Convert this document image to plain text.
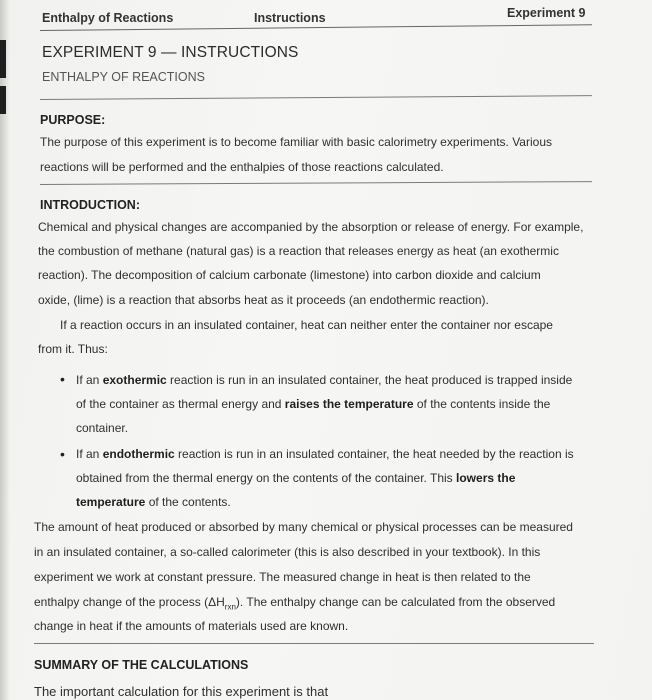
Enthalpy of Reactions	Instructions	Experiment 9
EXPERIMENT 9 — INSTRUCTIONS
ENTHALPY OF REACTIONS
PURPOSE:
The purpose of this experiment is to become familiar with basic calorimetry experiments. Various
reactions will be performed and the enthalpies of those reactions calculated.
INTRODUCTION:
Chemical and physical changes are accompanied by the absorption or release of energy. For example,
the combustion of methane (natural gas) is a reaction that releases energy as heat (an exothermic
reaction). The decomposition of calcium carbonate (limestone) into carbon dioxide and calcium
oxide, (lime) is a reaction that absorbs heat as it proceeds (an endothermic reaction).
If a reaction occurs in an insulated container, heat can neither enter the container nor escape
from it. Thus:
• If an exothermic reaction is run in an insulated container, the heat produced is trapped inside
of the container as thermal energy and raises the temperature of the contents inside the
container.
• If an endothermic reaction is run in an insulated container, the heat needed by the reaction is
obtained from the thermal energy on the contents of the container. This lowers the
temperature of the contents.
The amount of heat produced or absorbed by many chemical or physical processes can be measured
in an insulated container, a so-called calorimeter (this is also described in your textbook). In this
experiment we work at constant pressure. The measured change in heat is then related to the
enthalpy change of the process $(\Delta H_{rxn})$. The enthalpy change can be calculated from the observed
change in heat if the amounts of materials used are known.
SUMMARY OF THE CALCULATIONS
The important calculation for this experiment is that
